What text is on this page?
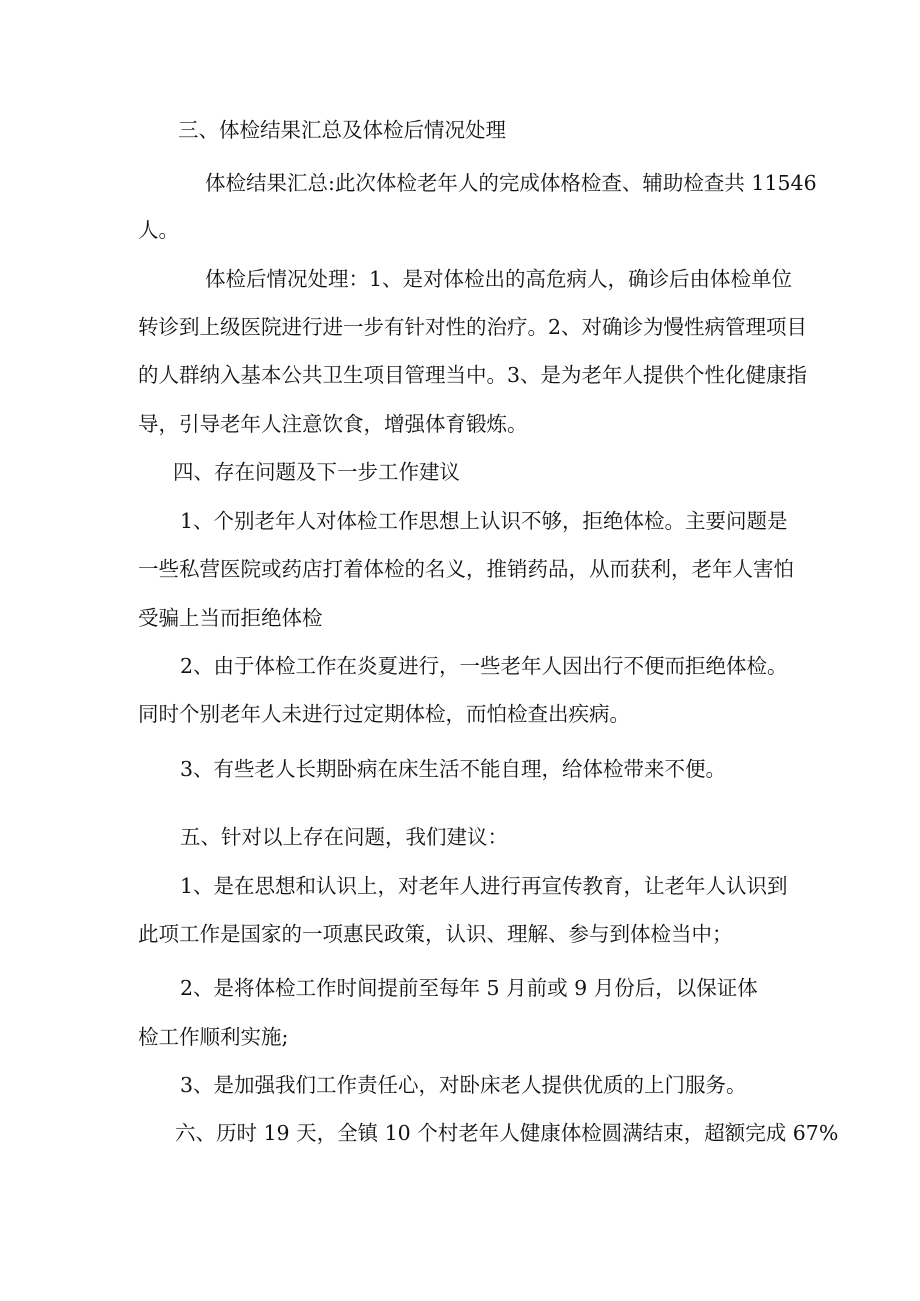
三、体检结果汇总及体检后情况处理
体检结果汇总:此次体检老年人的完成体格检查、辅助检查共 11546
人。
体检后情况处理：1、是对体检出的高危病人，确诊后由体检单位
转诊到上级医院进行进一步有针对性的治疗。2、对确诊为慢性病管理项目
的人群纳入基本公共卫生项目管理当中。3、是为老年人提供个性化健康指
导，引导老年人注意饮食，增强体育锻炼。
四、存在问题及下一步工作建议
1、个别老年人对体检工作思想上认识不够，拒绝体检。主要问题是
一些私营医院或药店打着体检的名义，推销药品，从而获利，老年人害怕
受骗上当而拒绝体检
2、由于体检工作在炎夏进行，一些老年人因出行不便而拒绝体检。
同时个别老年人未进行过定期体检，而怕检查出疾病。
3、有些老人长期卧病在床生活不能自理，给体检带来不便。
五、针对以上存在问题，我们建议：
1、是在思想和认识上，对老年人进行再宣传教育，让老年人认识到
此项工作是国家的一项惠民政策，认识、理解、参与到体检当中；
2、是将体检工作时间提前至每年 5 月前或 9 月份后，以保证体
检工作顺利实施;
3、是加强我们工作责任心，对卧床老人提供优质的上门服务。
六、历时 19 天，全镇 10 个村老年人健康体检圆满结束，超额完成 67%
